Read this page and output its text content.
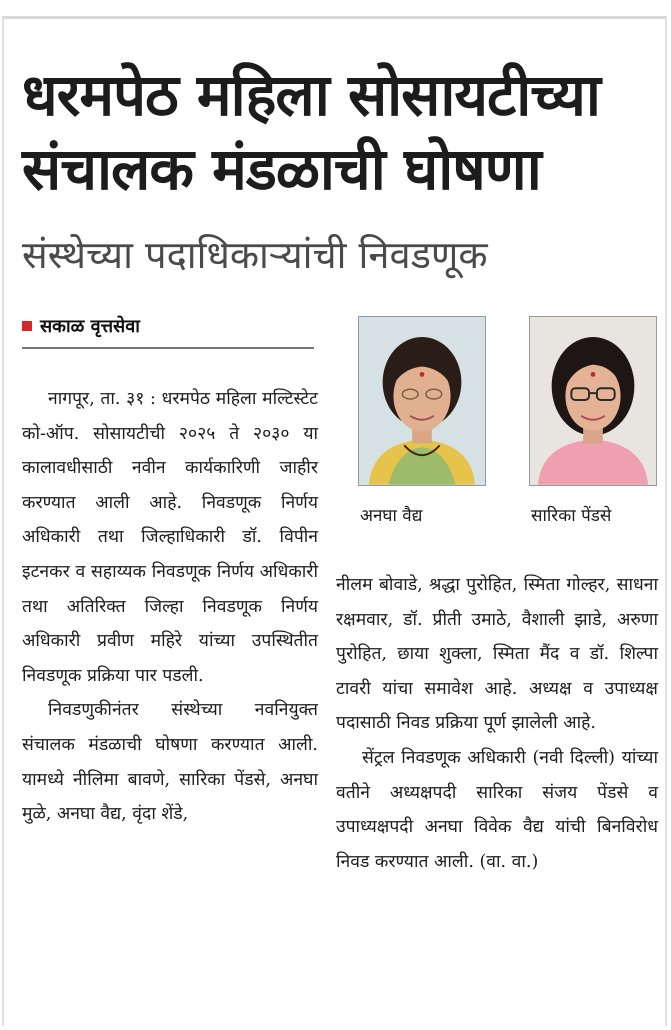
धरमपेठ महिला सोसायटीच्या
संचालक मंडळाची घोषणा
संस्थेच्या पदाधिकाऱ्यांची निवडणूक
सकाळ वृत्तसेवा

नागपूर, ता. ३१ : धरमपेठ महिला मल्टिस्टेट को-ऑप. सोसायटीची २०२५ ते २०३० या कालावधीसाठी नवीन कार्यकारिणी जाहीर करण्यात आली आहे. निवडणूक निर्णय अधिकारी तथा जिल्हाधिकारी डॉ. विपीन इटनकर व सहाय्यक निवडणूक निर्णय अधिकारी तथा अतिरिक्त जिल्हा निवडणूक निर्णय अधिकारी प्रवीण महिरे यांच्या उपस्थितीत निवडणूक प्रक्रिया पार पडली.

निवडणुकीनंतर संस्थेच्या नवनियुक्त संचालक मंडळाची घोषणा करण्यात आली. यामध्ये नीलिमा बावणे, सारिका पेंडसे, अनघा मुळे, अनघा वैद्य, वृंदा शेंडे,

अनघा वैद्य	सारिका पेंडसे

नीलम बोवाडे, श्रद्धा पुरोहित, स्मिता गोल्हर, साधना रक्षमवार, डॉ. प्रीती उमाठे, वैशाली झाडे, अरुणा पुरोहित, छाया शुक्ला, स्मिता मैंद व डॉ. शिल्पा टावरी यांचा समावेश आहे. अध्यक्ष व उपाध्यक्ष पदासाठी निवड प्रक्रिया पूर्ण झालेली आहे.

सेंट्रल निवडणूक अधिकारी (नवी दिल्ली) यांच्या वतीने अध्यक्षपदी सारिका संजय पेंडसे व उपाध्यक्षपदी अनघा विवेक वैद्य यांची बिनविरोध निवड करण्यात आली. (वा. वा.)
